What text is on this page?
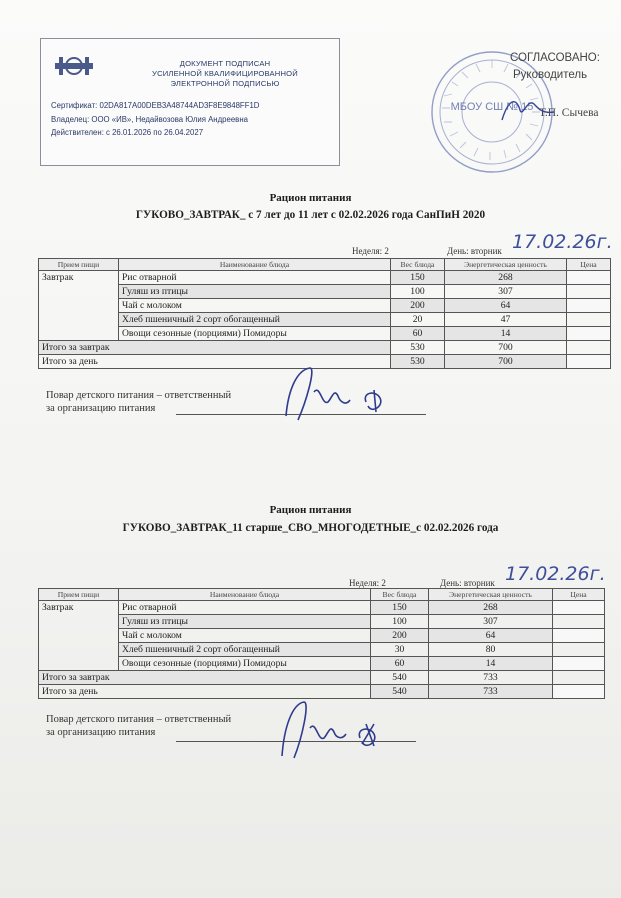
ДОКУМЕНТ ПОДПИСАН
УСИЛЕННОЙ КВАЛИФИЦИРОВАННОЙ
ЭЛЕКТРОННОЙ ПОДПИСЬЮ
Сертификат: 02DA817A00DEB3A48744AD3F8E9848FF1D
Владелец: ООО «ИВ», Недайвозова Юлия Андреевна
Действителен: с 26.01.2026 по 26.04.2027
МБОУ СШ № 15
СОГЛАСОВАНО:
Руководитель
Т.П. Сычева
Рацион питания
ГУКОВО_ЗАВТРАК_ с 7 лет до 11 лет с 02.02.2026 года СанПиН 2020
Неделя: 2	День: вторник 17.02.26г.
Прием пищи	Наименование блюда	Вес блюда	Энергетическая ценность	Цена
Завтрак	Рис отварной	150	268	
	Гуляш из птицы	100	307	
	Чай с молоком	200	64	
	Хлеб пшеничный 2 сорт обогащенный	20	47	
	Овощи сезонные (порциями) Помидоры	60	14	
Итого за завтрак		530	700	
Итого за день		530	700	
Повар детского питания – ответственный
за организацию питания
Рацион питания
ГУКОВО_ЗАВТРАК_11 старше_СВО_МНОГОДЕТНЫЕ_с 02.02.2026 года
Неделя: 2	День: вторник 17.02.26г.
Прием пищи	Наименование блюда	Вес блюда	Энергетическая ценность	Цена
Завтрак	Рис отварной	150	268	
	Гуляш из птицы	100	307	
	Чай с молоком	200	64	
	Хлеб пшеничный 2 сорт обогащенный	30	80	
	Овощи сезонные (порциями) Помидоры	60	14	
Итого за завтрак		540	733	
Итого за день		540	733	
Повар детского питания – ответственный
за организацию питания
